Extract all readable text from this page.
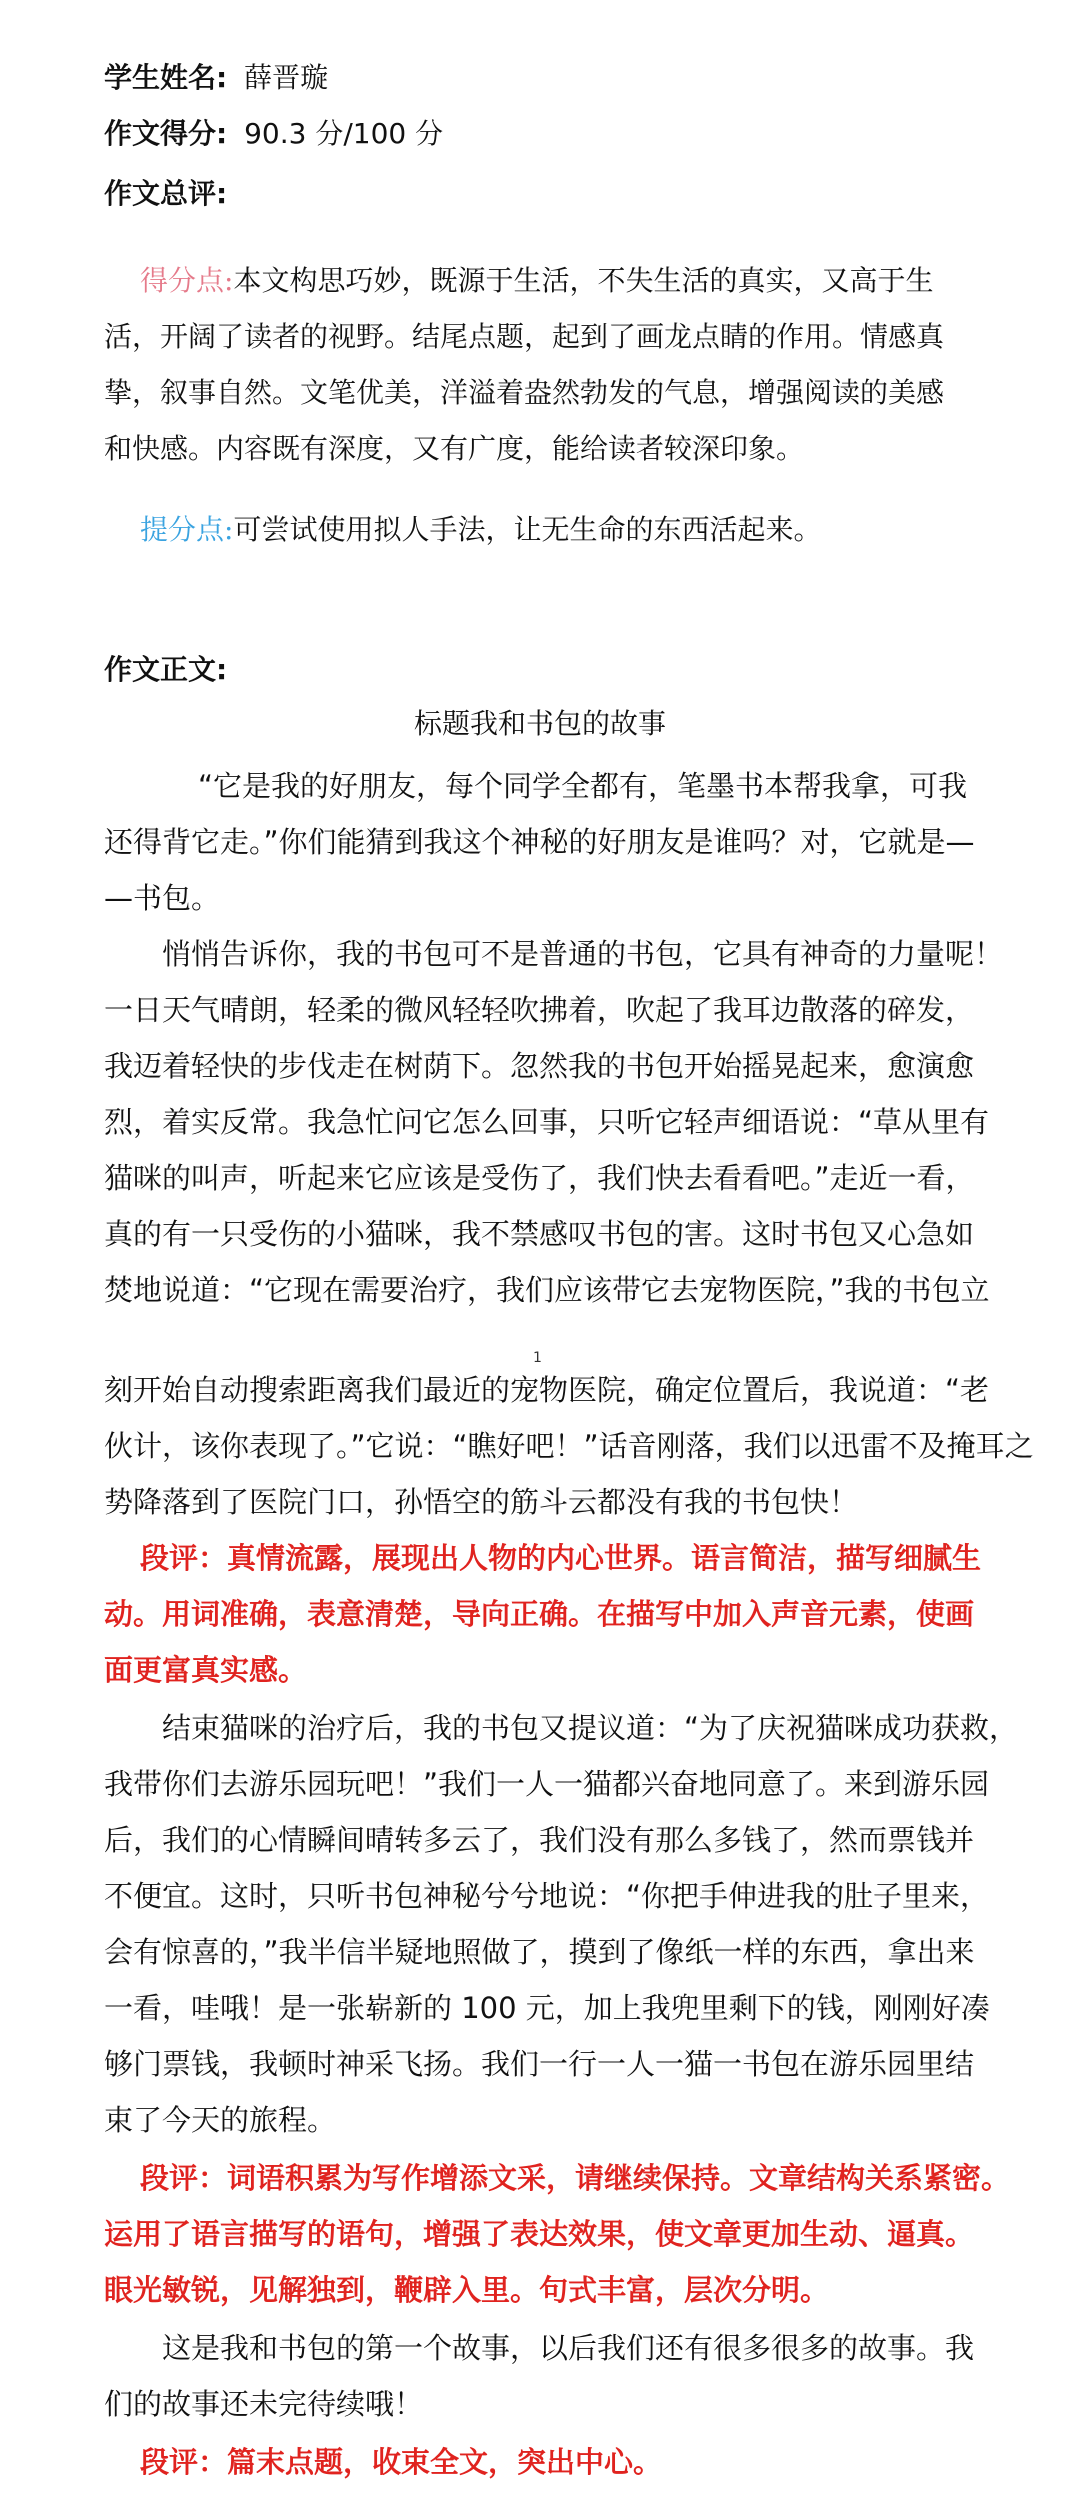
学生姓名: 薛晋璇
作文得分: 90.3 分/100 分
作文总评:
得分点:本文构思巧妙，既源于生活，不失生活的真实，又高于生
活，开阔了读者的视野。结尾点题，起到了画龙点睛的作用。情感真
挚，叙事自然。文笔优美，洋溢着盎然勃发的气息，增强阅读的美感
和快感。内容既有深度，又有广度，能给读者较深印象。
提分点:可尝试使用拟人手法，让无生命的东西活起来。
作文正文:
标题我和书包的故事
“它是我的好朋友，每个同学全都有，笔墨书本帮我拿，可我
还得背它走。”你们能猜到我这个神秘的好朋友是谁吗？对，它就是—
—书包。
悄悄告诉你，我的书包可不是普通的书包，它具有神奇的力量呢！
一日天气晴朗，轻柔的微风轻轻吹拂着，吹起了我耳边散落的碎发，
我迈着轻快的步伐走在树荫下。忽然我的书包开始摇晃起来，愈演愈
烈，着实反常。我急忙问它怎么回事，只听它轻声细语说：“草从里有
猫咪的叫声，听起来它应该是受伤了，我们快去看看吧。”走近一看，
真的有一只受伤的小猫咪，我不禁感叹书包的害。这时书包又心急如
焚地说道：“它现在需要治疗，我们应该带它去宠物医院，”我的书包立
1
刻开始自动搜索距离我们最近的宠物医院，确定位置后，我说道：“老
伙计，该你表现了。”它说：“瞧好吧！”话音刚落，我们以迅雷不及掩耳之
势降落到了医院门口，孙悟空的筋斗云都没有我的书包快！
段评：真情流露，展现出人物的内心世界。语言简洁，描写细腻生
动。用词准确，表意清楚，导向正确。在描写中加入声音元素，使画
面更富真实感。
结束猫咪的治疗后，我的书包又提议道：“为了庆祝猫咪成功获救，
我带你们去游乐园玩吧！”我们一人一猫都兴奋地同意了。来到游乐园
后，我们的心情瞬间晴转多云了，我们没有那么多钱了，然而票钱并
不便宜。这时，只听书包神秘兮兮地说：“你把手伸进我的肚子里来，
会有惊喜的，”我半信半疑地照做了，摸到了像纸一样的东西，拿出来
一看，哇哦！是一张崭新的 100 元，加上我兜里剩下的钱，刚刚好凑
够门票钱，我顿时神采飞扬。我们一行一人一猫一书包在游乐园里结
束了今天的旅程。
段评：词语积累为写作增添文采，请继续保持。文章结构关系紧密。
运用了语言描写的语句，增强了表达效果，使文章更加生动、逼真。
眼光敏锐，见解独到，鞭辟入里。句式丰富，层次分明。
这是我和书包的第一个故事，以后我们还有很多很多的故事。我
们的故事还未完待续哦！
段评：篇末点题，收束全文，突出中心。
